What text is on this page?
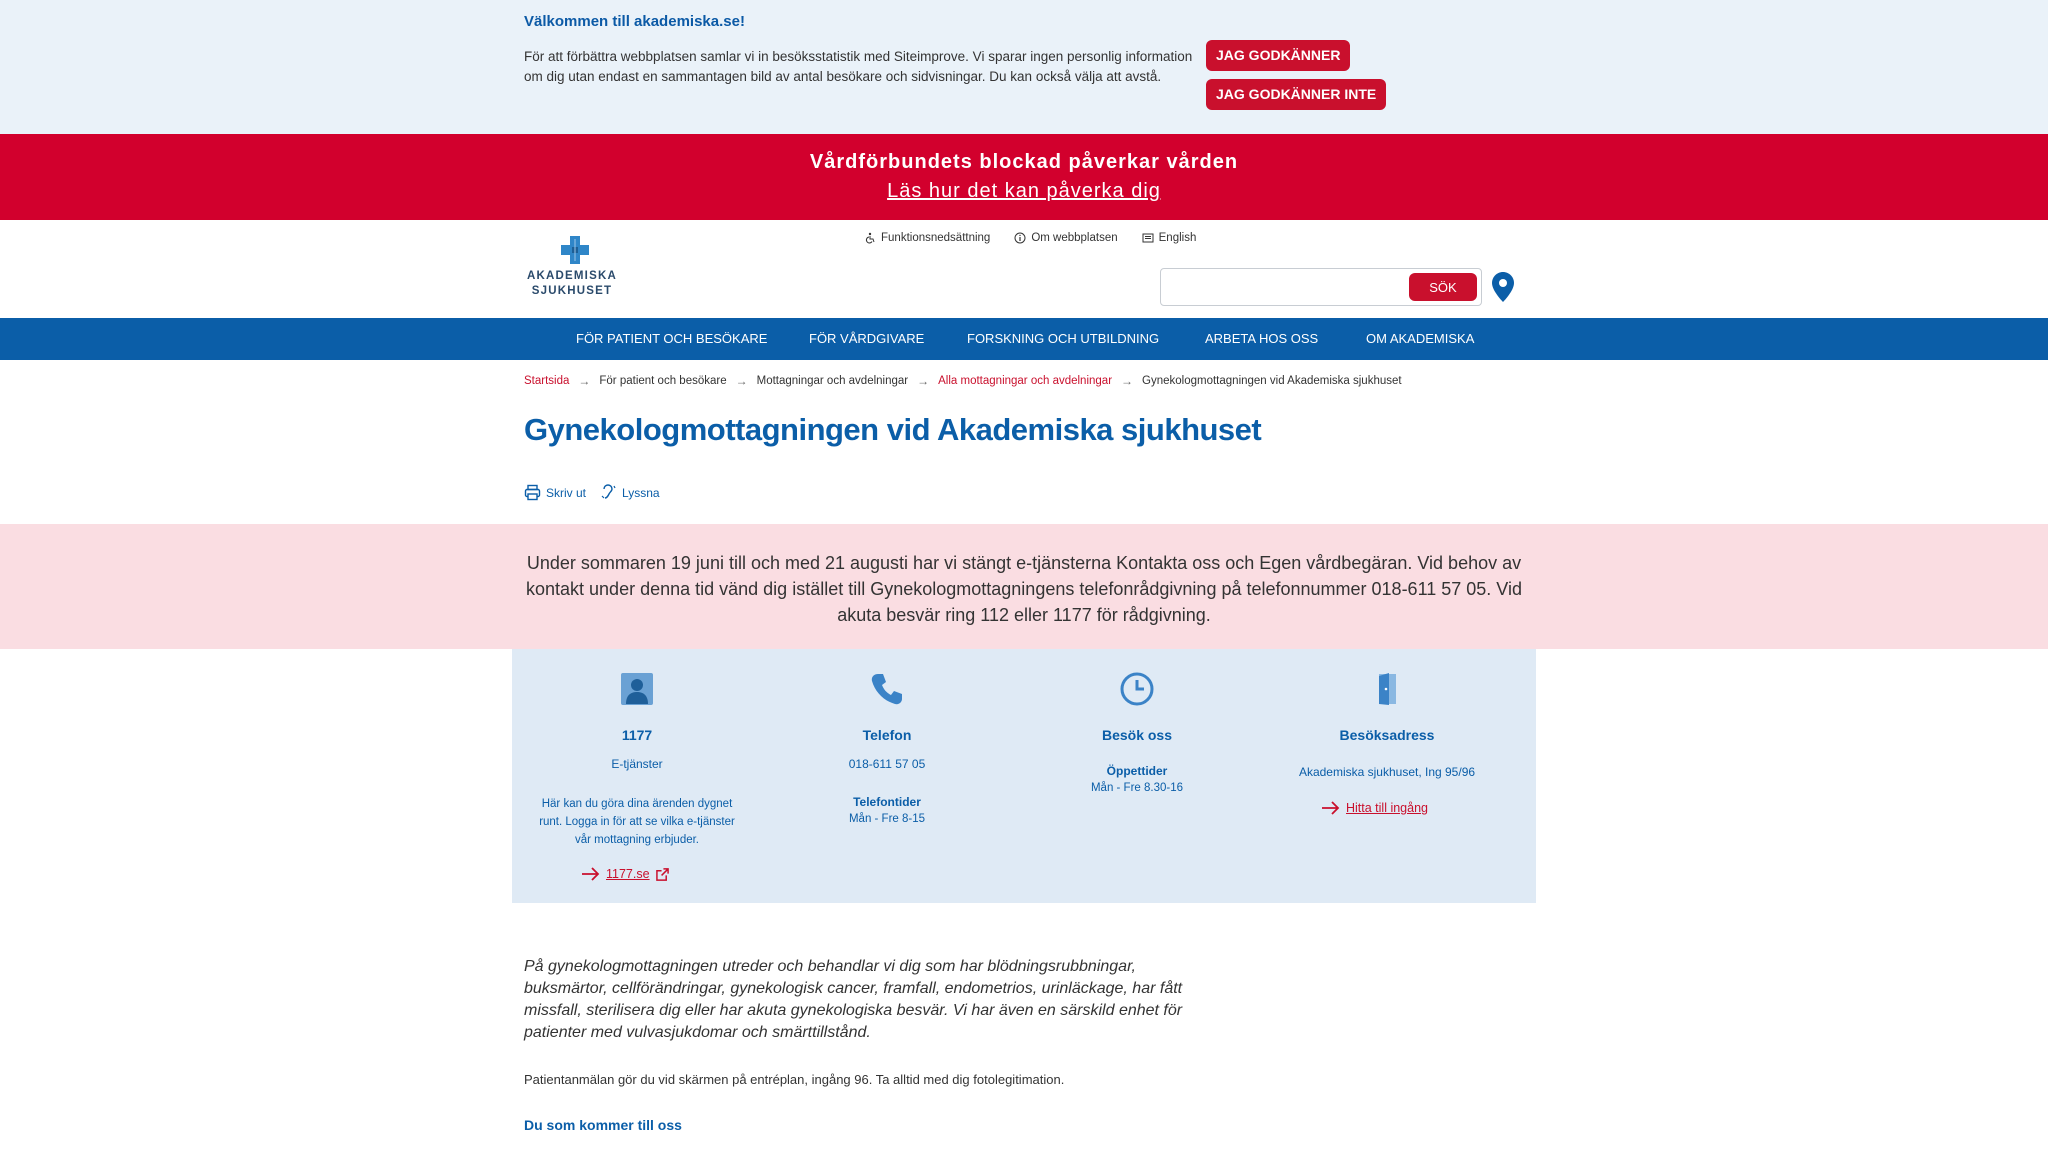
Välkommen till akademiska.se!
För att förbättra webbplatsen samlar vi in besöksstatistik med Siteimprove. Vi sparar ingen personlig information om dig utan endast en sammantagen bild av antal besökare och sidvisningar. Du kan också välja att avstå.
JAG GODKÄNNER
JAG GODKÄNNER INTE
Vårdförbundets blockad påverkar vården
Läs hur det kan påverka dig
AKADEMISKA
SJUKHUSET
Funktionsnedsättning	Om webbplatsen	English
SÖK
FÖR PATIENT OCH BESÖKARE	FÖR VÅRDGIVARE	FORSKNING OCH UTBILDNING	ARBETA HOS OSS	OM AKADEMISKA
Startsida → För patient och besökare → Mottagningar och avdelningar → Alla mottagningar och avdelningar → Gynekologmottagningen vid Akademiska sjukhuset
Gynekologmottagningen vid Akademiska sjukhuset
Skriv ut	Lyssna

Under sommaren 19 juni till och med 21 augusti har vi stängt e-tjänsterna Kontakta oss och Egen vårdbegäran. Vid behov av kontakt under denna tid vänd dig istället till Gynekologmottagningens telefonrådgivning på telefonnummer 018-611 57 05. Vid akuta besvär ring 112 eller 1177 för rådgivning.

1177
E-tjänster
Här kan du göra dina ärenden dygnet runt. Logga in för att se vilka e-tjänster vår mottagning erbjuder.
1177.se
Telefon
018-611 57 05
Telefontider
Mån - Fre 8-15
Besök oss
Öppettider
Mån - Fre 8.30-16
Besöksadress
Akademiska sjukhuset, Ing 95/96
Hitta till ingång

På gynekologmottagningen utreder och behandlar vi dig som har blödningsrubbningar, buksmärtor, cellförändringar, gynekologisk cancer, framfall, endometrios, urinläckage, har fått missfall, sterilisera dig eller har akuta gynekologiska besvär. Vi har även en särskild enhet för patienter med vulvasjukdomar och smärttillstånd.

Patientanmälan gör du vid skärmen på entréplan, ingång 96. Ta alltid med dig fotolegitimation.

Du som kommer till oss
